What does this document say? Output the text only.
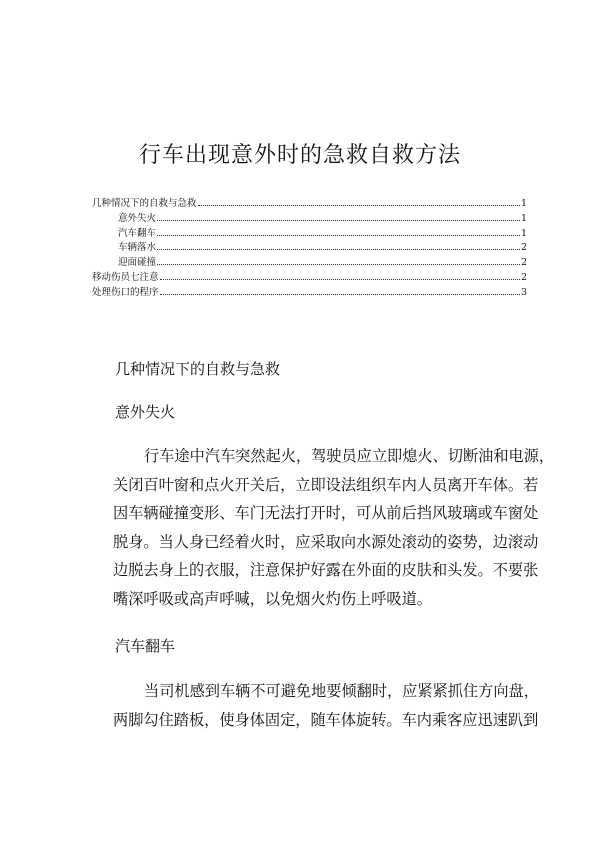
行车出现意外时的急救自救方法
几种情况下的自救与急救	1
意外失火	1
汽车翻车	1
车辆落水	2
迎面碰撞	2
移动伤员七注意	2
处理伤口的程序	3
几种情况下的自救与急救
意外失火
行车途中汽车突然起火，驾驶员应立即熄火、切断油和电源，
关闭百叶窗和点火开关后，立即设法组织车内人员离开车体。若
因车辆碰撞变形、车门无法打开时，可从前后挡风玻璃或车窗处
脱身。当人身已经着火时，应采取向水源处滚动的姿势，边滚动
边脱去身上的衣服，注意保护好露在外面的皮肤和头发。不要张
嘴深呼吸或高声呼喊，以免烟火灼伤上呼吸道。
汽车翻车
当司机感到车辆不可避免地要倾翻时，应紧紧抓住方向盘，
两脚勾住踏板，使身体固定，随车体旋转。车内乘客应迅速趴到
